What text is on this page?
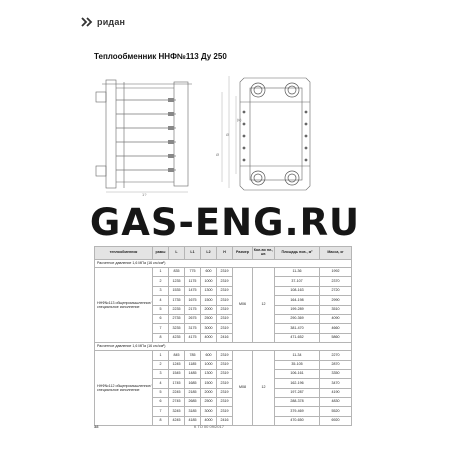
ридан
Теплообменник ННФ№113 Ду 250
1?
Ø
(к)
Ø
GAS-ENG.RU
теплообменник	рамы	L	L1	L2	H	Размер	Кол-во пл., шт.	Площадь пов., м²	Масса, кг
Расчетное давление 1,6 МПа (16 кгс/см²)									
ННФ№113 общепромышленное/ специальное исполнение	1	835	775	600	2319	М06	12	11-36	1992
	2	1235	1175	1000	2319			37-107	2370
	3	1535	1475	1300	2319			108-163	2720
	4	1735	1675	1500	2319			164-198	2990
	5	2235	2175	2000	2319			199-289	3510
	6	2735	2675	2500	2319			290-369	4090
	7	3235	3175	3000	2319			381-470	4660
	8	4235	4175	4000	2416			471-652	5860
Расчетное давление 1,6 МПа (16 кгс/см²)									
ННФ№112 общепромышленное/ специальное исполнение	1	845	785	600	2319	М08	12	11-34	2270
	2	1245	1185	1000	2319			35-105	2870
	3	1545	1485	1300	2319			106-161	3350
	4	1745	1685	1500	2319			162-196	3470
	5	2245	2185	2000	2319			197-287	4190
	6	2745	2685	2500	2319			288-378	4830
	7	3245	3185	3000	2319			379-469	5520
	8	4245	4185	4000	2416			470-650	6920
38	К ТО 00 09/2017
